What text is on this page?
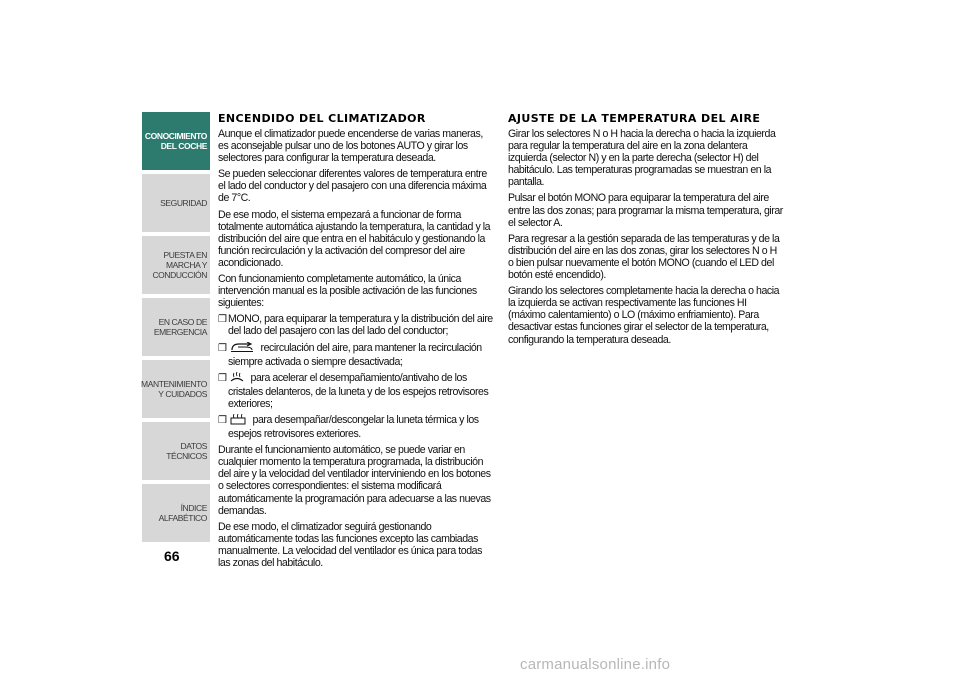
CONOCIMIENTO DEL COCHE
SEGURIDAD
PUESTA EN MARCHA Y CONDUCCIÓN
EN CASO DE EMERGENCIA
MANTENIMIENTO Y CUIDADOS
DATOS TÉCNICOS
ÍNDICE ALFABÉTICO
66
ENCENDIDO DEL CLIMATIZADOR

Aunque el climatizador puede encenderse de varias maneras, es aconsejable pulsar uno de los botones AUTO y girar los selectores para configurar la temperatura deseada.

Se pueden seleccionar diferentes valores de temperatura entre el lado del conductor y del pasajero con una diferencia máxima de 7°C.

De ese modo, el sistema empezará a funcionar de forma totalmente automática ajustando la temperatura, la cantidad y la distribución del aire que entra en el habitáculo y gestionando la función recirculación y la activación del compresor del aire acondicionado.

Con funcionamiento completamente automático, la única intervención manual es la posible activación de las funciones siguientes:

❒ MONO, para equiparar la temperatura y la distribución del aire del lado del pasajero con las del lado del conductor;
❒	recirculación del aire, para mantener la recirculación siempre activada o siempre desactivada;
❒ para acelerar el desempañamiento/antivaho de los cristales delanteros, de la luneta y de los espejos retrovisores exteriores;
❒ para desempañar/descongelar la luneta térmica y los espejos retrovisores exteriores.

Durante el funcionamiento automático, se puede variar en cualquier momento la temperatura programada, la distribución del aire y la velocidad del ventilador interviniendo en los botones o selectores correspondientes: el sistema modificará automáticamente la programación para adecuarse a las nuevas demandas.

De ese modo, el climatizador seguirá gestionando automáticamente todas las funciones excepto las cambiadas manualmente. La velocidad del ventilador es única para todas las zonas del habitáculo.

AJUSTE DE LA TEMPERATURA DEL AIRE

Girar los selectores N o H hacia la derecha o hacia la izquierda para regular la temperatura del aire en la zona delantera izquierda (selector N) y en la parte derecha (selector H) del habitáculo. Las temperaturas programadas se muestran en la pantalla.

Pulsar el botón MONO para equiparar la temperatura del aire entre las dos zonas; para programar la misma temperatura, girar el selector A.

Para regresar a la gestión separada de las temperaturas y de la distribución del aire en las dos zonas, girar los selectores N o H o bien pulsar nuevamente el botón MONO (cuando el LED del botón esté encendido).

Girando los selectores completamente hacia la derecha o hacia la izquierda se activan respectivamente las funciones HI (máximo calentamiento) o LO (máximo enfriamiento). Para desactivar estas funciones girar el selector de la temperatura, configurando la temperatura deseada.

carmanualsonline.info
